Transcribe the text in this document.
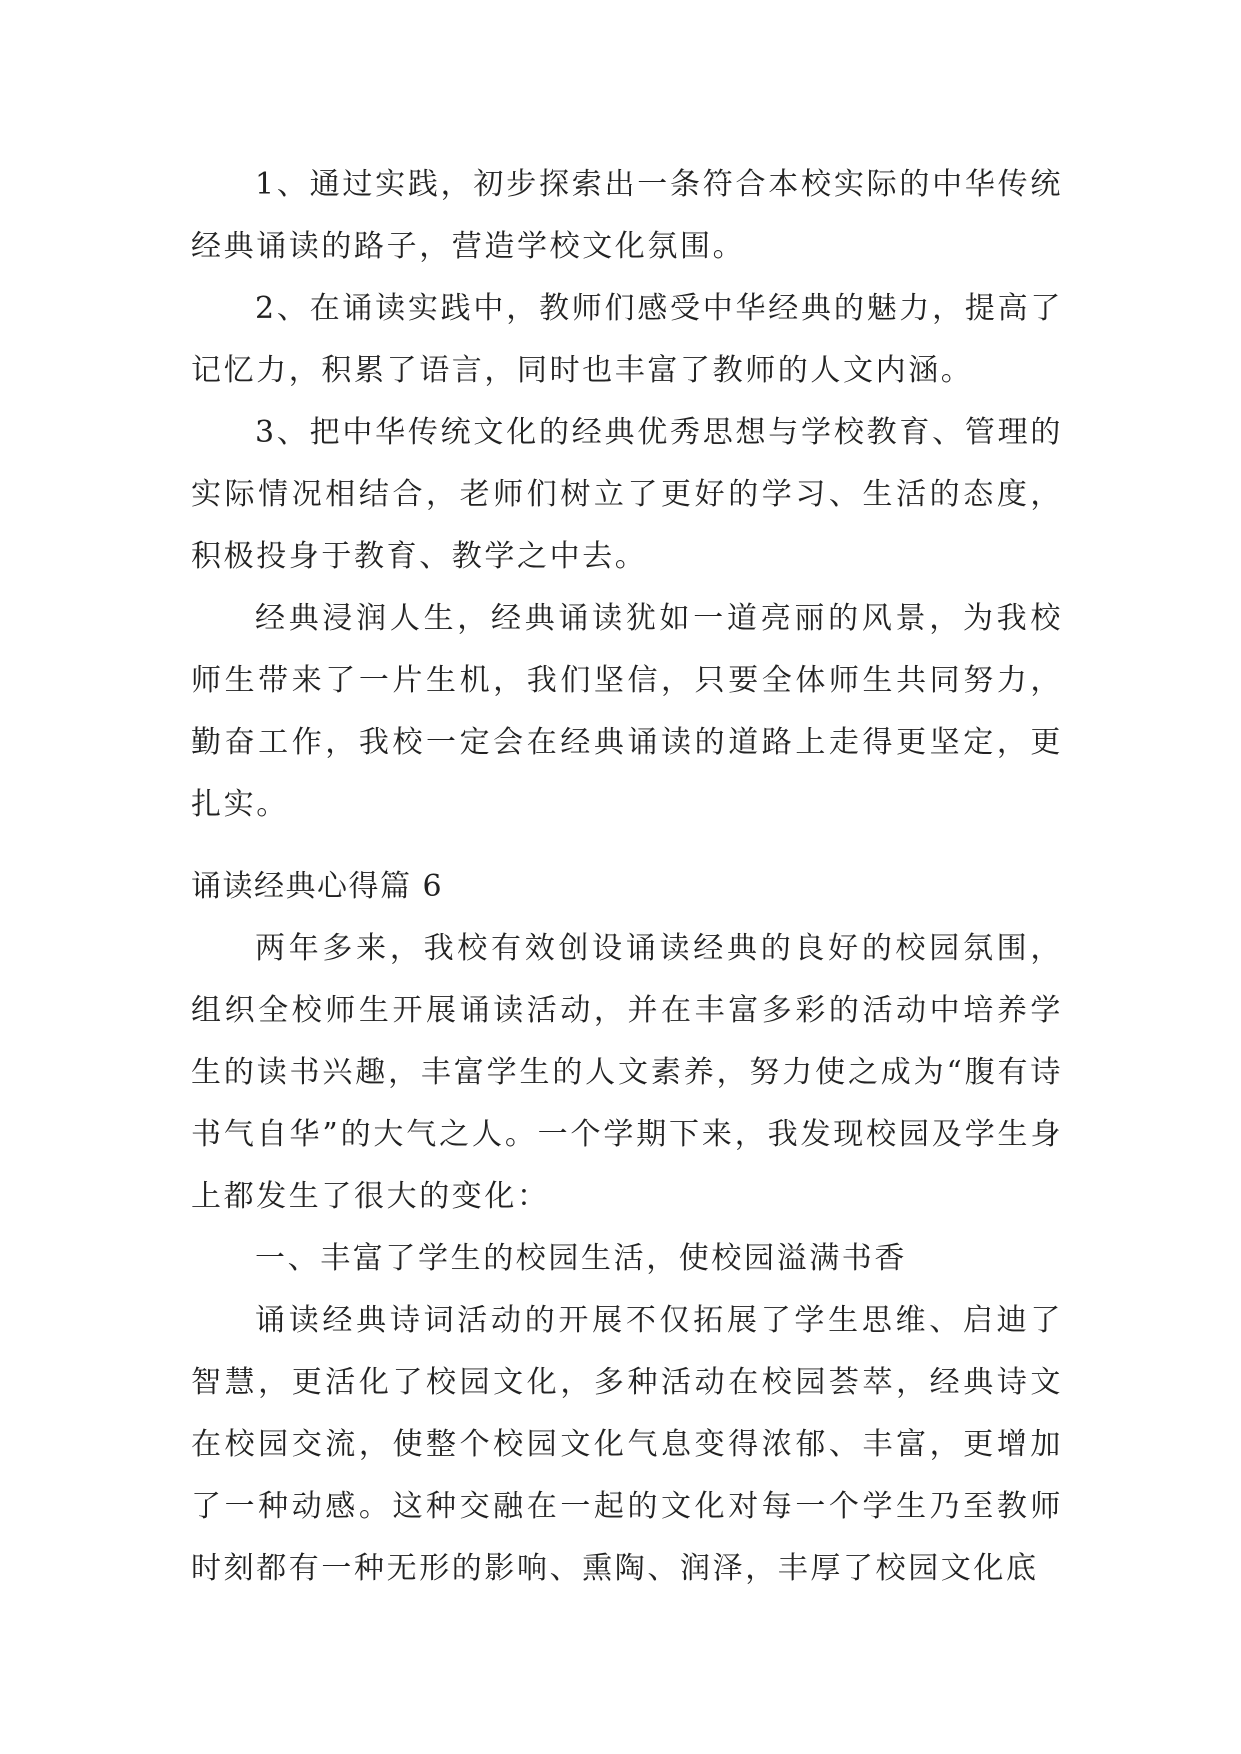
1、通过实践，初步探索出一条符合本校实际的中华传统经典诵读的路子，营造学校文化氛围。

2、在诵读实践中，教师们感受中华经典的魅力，提高了记忆力，积累了语言，同时也丰富了教师的人文内涵。

3、把中华传统文化的经典优秀思想与学校教育、管理的实际情况相结合，老师们树立了更好的学习、生活的态度，积极投身于教育、教学之中去。

经典浸润人生，经典诵读犹如一道亮丽的风景，为我校师生带来了一片生机，我们坚信，只要全体师生共同努力，勤奋工作，我校一定会在经典诵读的道路上走得更坚定，更扎实。

诵读经典心得篇 6

两年多来，我校有效创设诵读经典的良好的校园氛围，组织全校师生开展诵读活动，并在丰富多彩的活动中培养学生的读书兴趣，丰富学生的人文素养，努力使之成为“腹有诗书气自华”的大气之人。一个学期下来，我发现校园及学生身上都发生了很大的变化：

一、丰富了学生的校园生活，使校园溢满书香

诵读经典诗词活动的开展不仅拓展了学生思维、启迪了智慧，更活化了校园文化，多种活动在校园荟萃，经典诗文在校园交流，使整个校园文化气息变得浓郁、丰富，更增加了一种动感。这种交融在一起的文化对每一个学生乃至教师时刻都有一种无形的影响、熏陶、润泽，丰厚了校园文化底
